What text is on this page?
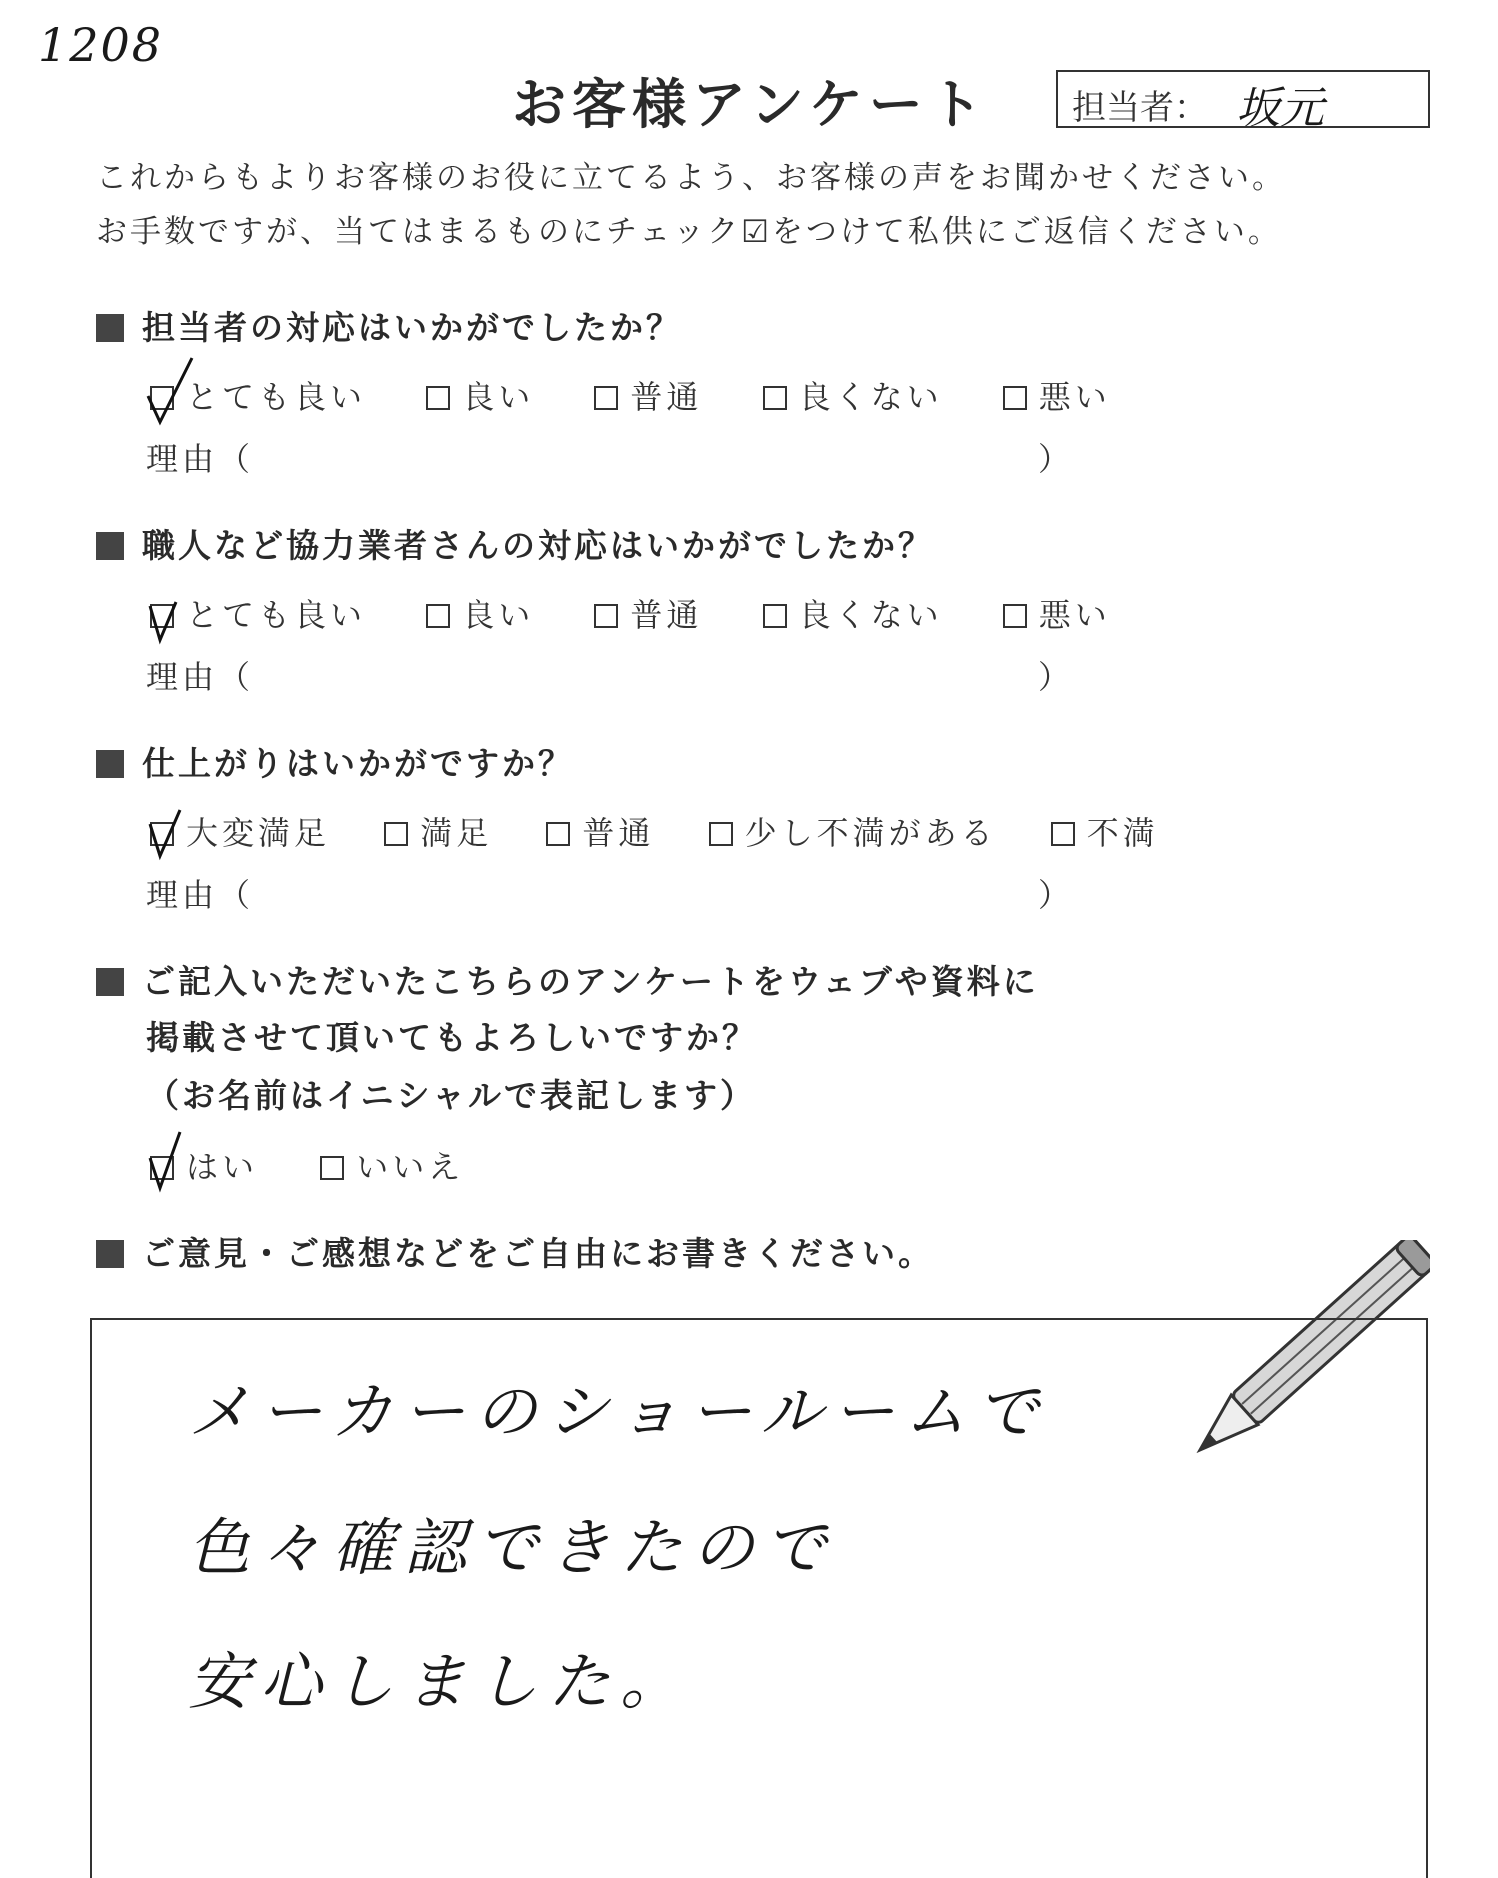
1208
お客様アンケート 担当者： 坂元
これからもよりお客様のお役に立てるよう、お客様の声をお聞かせください。
お手数ですが、当てはまるものにチェック☑をつけて私供にご返信ください。
担当者の対応はいかがでしたか？
とても良い	良い	普通	良くない	悪い
理由（	）
職人など協力業者さんの対応はいかがでしたか？
とても良い	良い	普通	良くない	悪い
理由（	）
仕上がりはいかがですか？
大変満足	満足	普通	少し不満がある	不満
理由（	）
ご記入いただいたこちらのアンケートをウェブや資料に
掲載させて頂いてもよろしいですか？
（お名前はイニシャルで表記します）
はい	いいえ
ご意見・ご感想などをご自由にお書きください。
メーカーのショールームで
色々確認できたので
安心しました。
